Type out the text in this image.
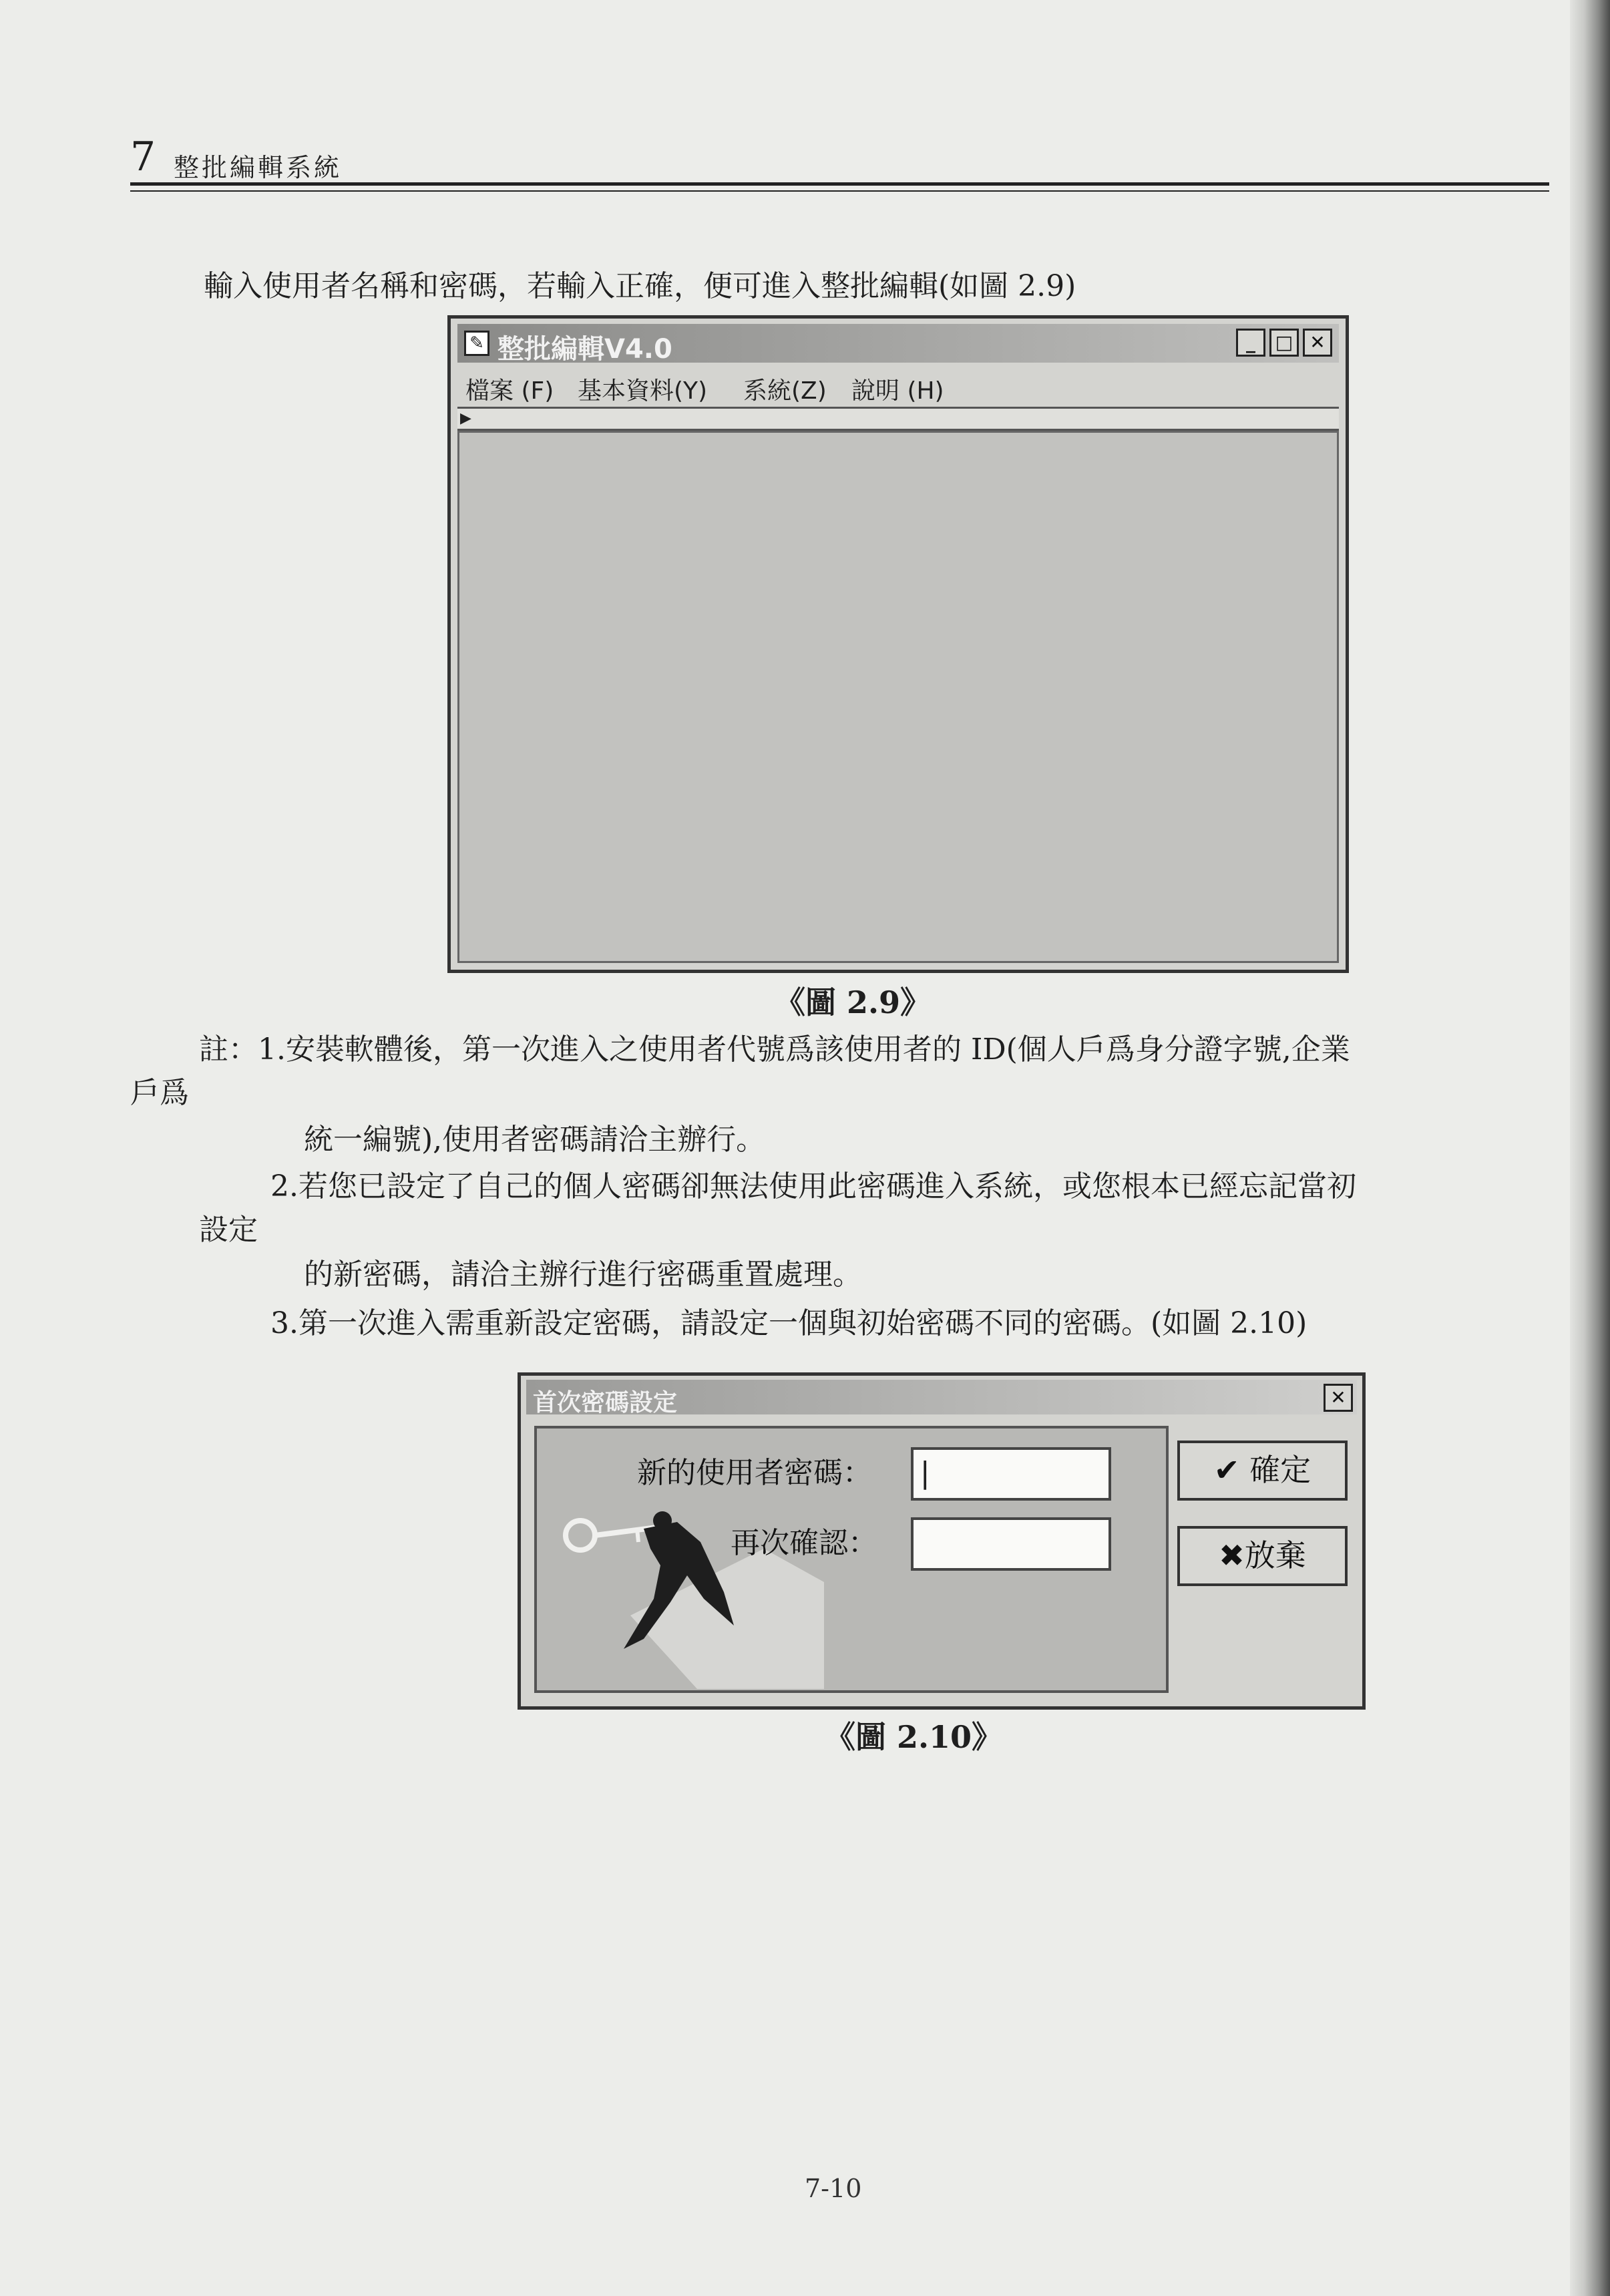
7 整批編輯系統
輸入使用者名稱和密碼，若輸入正確，便可進入整批編輯(如圖 2.9)
✎ 整批編輯V4.0	_	□ ✕
檔案 (F) 基本資料(Y) 系統(Z) 說明 (H)
▶
《圖 2.9》
註：1.安裝軟體後，第一次進入之使用者代號爲該使用者的 ID(個人戶爲身分證字號,企業
戶爲
統一編號),使用者密碼請洽主辦行。
2.若您已設定了自己的個人密碼卻無法使用此密碼進入系統，或您根本已經忘記當初
設定
的新密碼，請洽主辦行進行密碼重置處理。
3.第一次進入需重新設定密碼，請設定一個與初始密碼不同的密碼。(如圖 2.10)
首次密碼設定	✕
新的使用者密碼： |
再次確認：
✔ 確定
✖放棄
《圖 2.10》
7-10
